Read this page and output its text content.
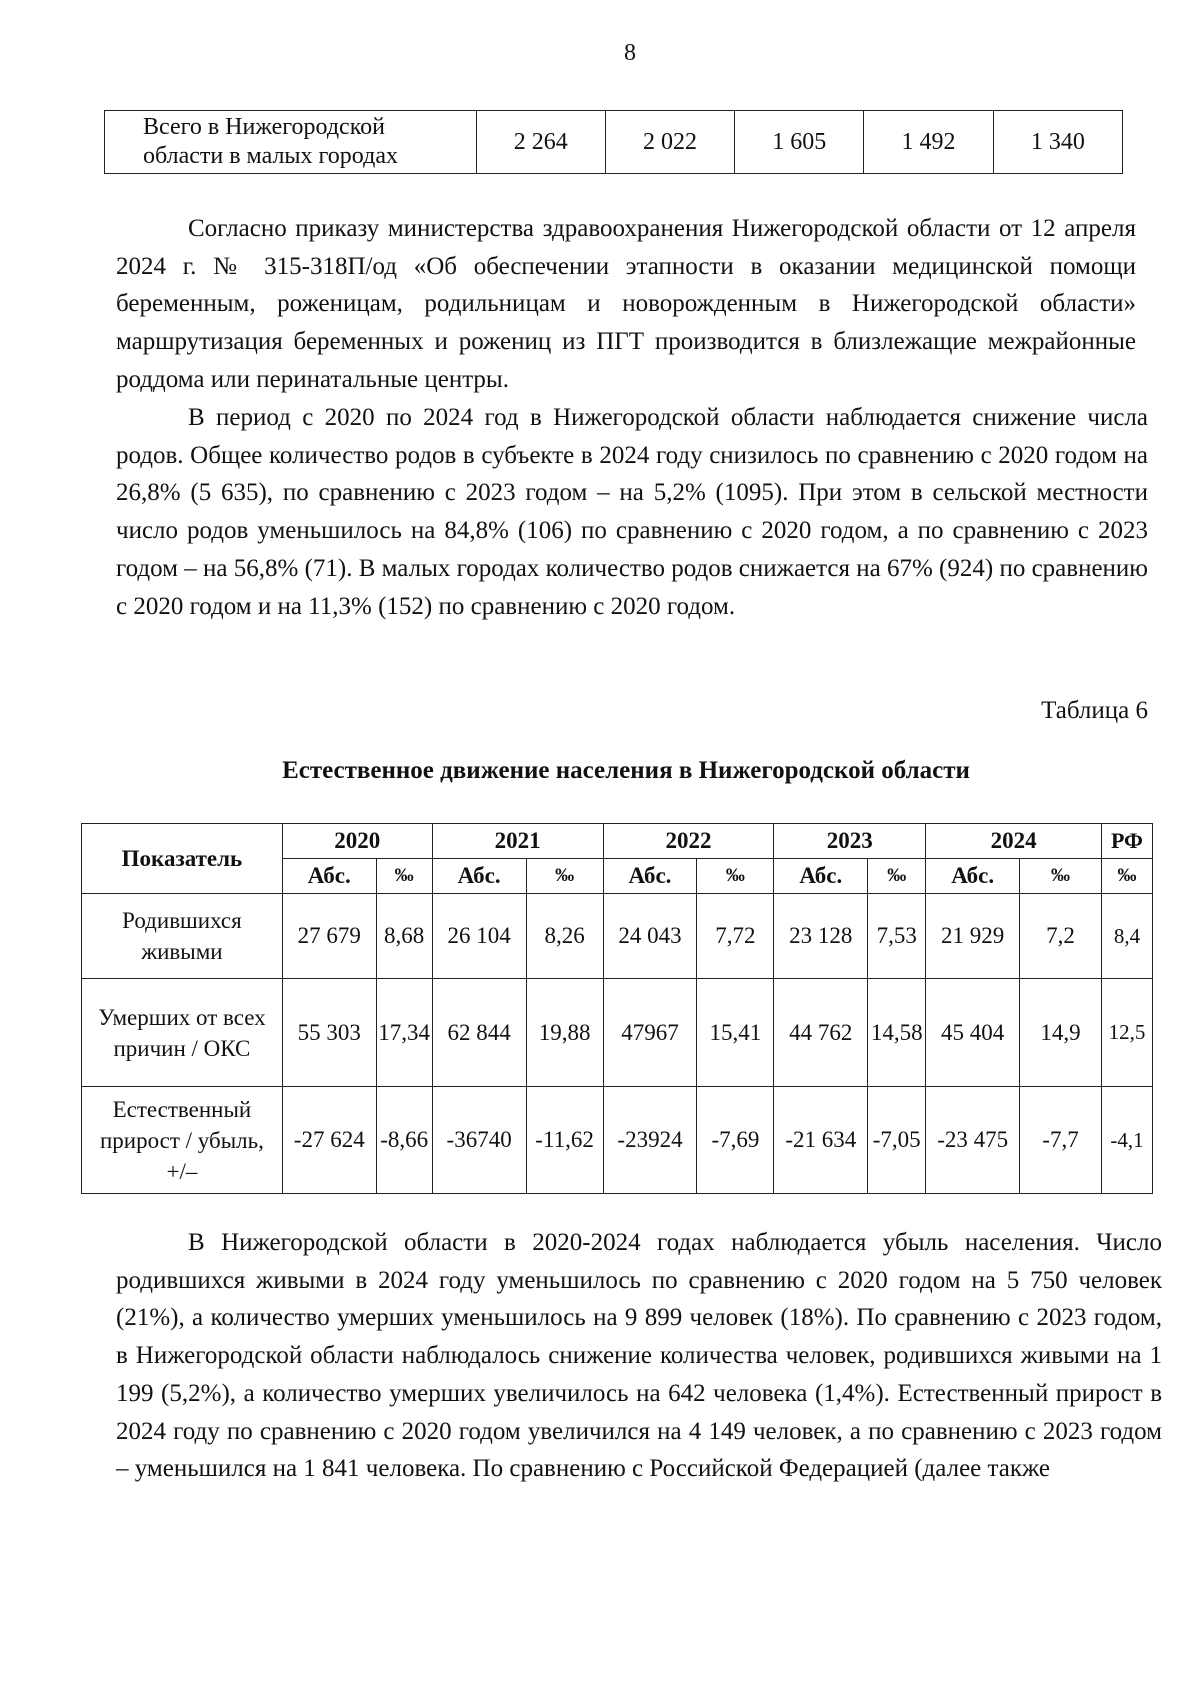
8
Всего в Нижегородской
области в малых городах
	2 264	2 022	1 605	1 492	1 340

Согласно приказу министерства здравоохранения Нижегородской области от 12 апреля 2024 г. № 315-318П/од «Об обеспечении этапности в оказании медицинской помощи беременным, роженицам, родильницам и новорожденным в Нижегородской области» маршрутизация беременных и рожениц из ПГТ производится в близлежащие межрайонные роддома или перинатальные центры.

В период с 2020 по 2024 год в Нижегородской области наблюдается снижение числа родов. Общее количество родов в субъекте в 2024 году снизилось по сравнению с 2020 годом на 26,8% (5 635), по сравнению с 2023 годом – на 5,2% (1095). При этом в сельской местности число родов уменьшилось на 84,8% (106) по сравнению с 2020 годом, а по сравнению с 2023 годом – на 56,8% (71). В малых городах количество родов снижается на 67% (924) по сравнению с 2020 годом и на 11,3% (152) по сравнению с 2020 годом.

Таблица 6
Естественное движение населения в Нижегородской области
Показатель	2020		2021		2022		2023		2024		РФ
	Абс.	‰	Абс.	‰	Абс.	‰	Абс.	‰	Абс.	‰	‰

Родившихся
живыми	27 679	8,68	26 104	8,26	24 043	7,72	23 128	7,53	21 929	7,2	8,4

Умерших от всех
причин / ОКС	55 303	17,34	62 844	19,88	47967	15,41	44 762	14,58	45 404	14,9	12,5

Естественный
прирост / убыль,
+/–	-27 624	-8,66	-36740	-11,62	-23924	-7,69	-21 634	-7,05	-23 475	-7,7	-4,1

В Нижегородской области в 2020-2024 годах наблюдается убыль населения. Число родившихся живыми в 2024 году уменьшилось по сравнению с 2020 годом на 5 750 человек (21%), а количество умерших уменьшилось на 9 899 человек (18%). По сравнению с 2023 годом, в Нижегородской области наблюдалось снижение количества человек, родившихся живыми на 1 199 (5,2%), а количество умерших увеличилось на 642 человека (1,4%). Естественный прирост в 2024 году по сравнению с 2020 годом увеличился на 4 149 человек, а по сравнению с 2023 годом – уменьшился на 1 841 человека. По сравнению с Российской Федерацией (далее также
